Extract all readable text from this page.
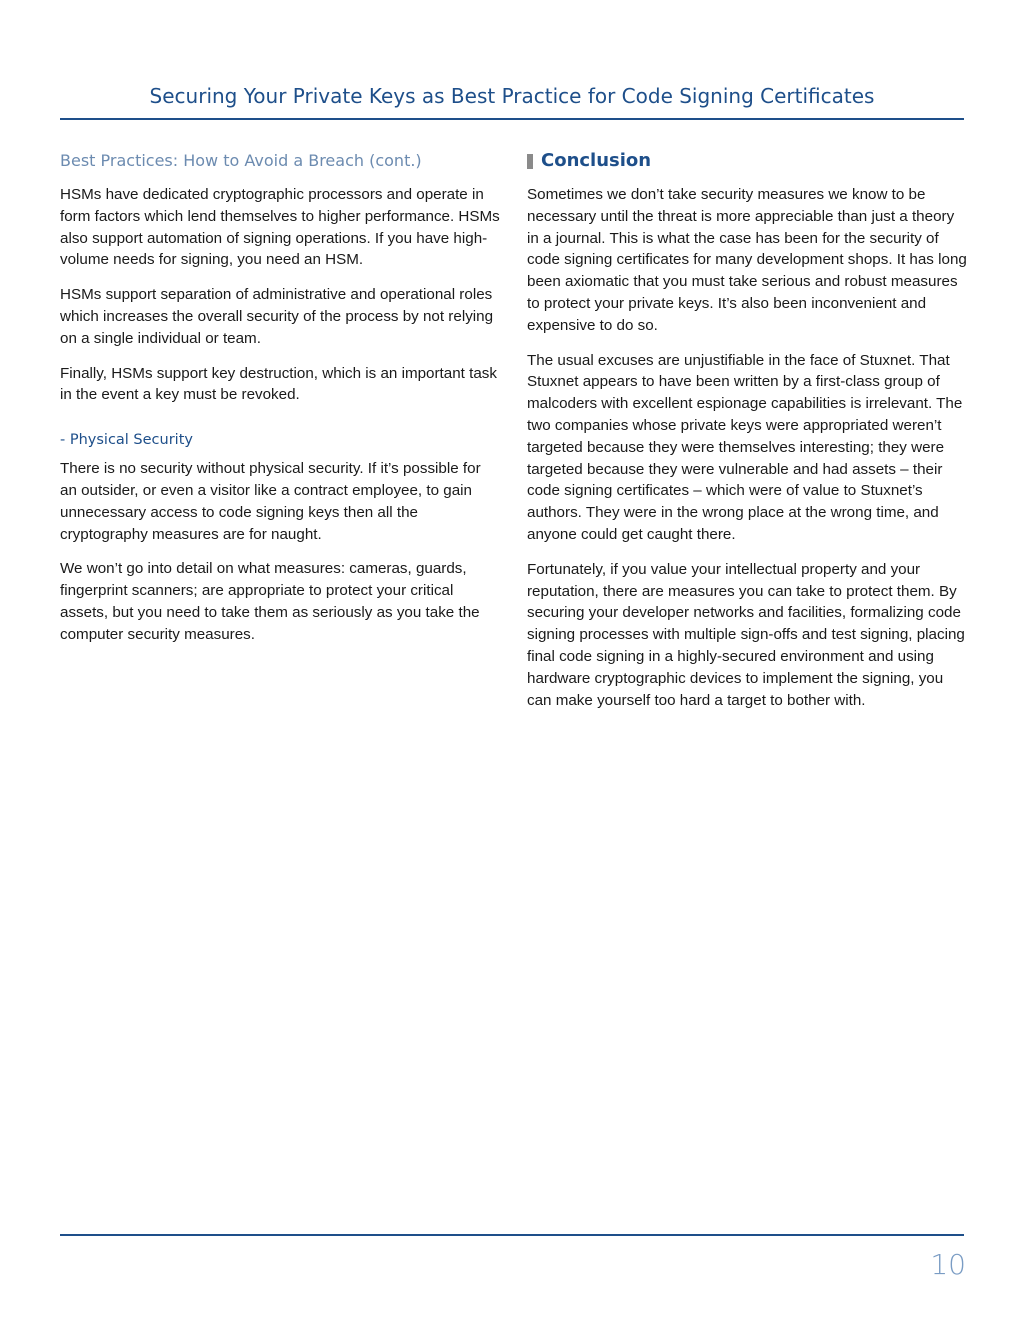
Securing Your Private Keys as Best Practice for Code Signing Certificates
Best Practices: How to Avoid a Breach (cont.)

HSMs have dedicated cryptographic processors and operate in form factors which lend themselves to higher performance. HSMs also support automation of signing operations. If you have high-volume needs for signing, you need an HSM.

HSMs support separation of administrative and operational roles which increases the overall security of the process by not relying on a single individual or team.

Finally, HSMs support key destruction, which is an important task in the event a key must be revoked.

- Physical Security

There is no security without physical security. If it’s possible for an outsider, or even a visitor like a contract employee, to gain unnecessary access to code signing keys then all the cryptography measures are for naught.

We won’t go into detail on what measures: cameras, guards, fingerprint scanners; are appropriate to protect your critical assets, but you need to take them as seriously as you take the computer security measures.

Conclusion

Sometimes we don’t take security measures we know to be necessary until the threat is more appreciable than just a theory in a journal. This is what the case has been for the security of code signing certificates for many development shops. It has long been axiomatic that you must take serious and robust measures to protect your private keys. It’s also been inconvenient and expensive to do so.

The usual excuses are unjustifiable in the face of Stuxnet. That Stuxnet appears to have been written by a first-class group of malcoders with excellent espionage capabilities is irrelevant. The two companies whose private keys were appropriated weren’t targeted because they were themselves interesting; they were targeted because they were vulnerable and had assets – their code signing certificates – which were of value to Stuxnet’s authors. They were in the wrong place at the wrong time, and anyone could get caught there.

Fortunately, if you value your intellectual property and your reputation, there are measures you can take to protect them. By securing your developer networks and facilities, formalizing code signing processes with multiple sign-offs and test signing, placing final code signing in a highly-secured environment and using hardware cryptographic devices to implement the signing, you can make yourself too hard a target to bother with.

10
